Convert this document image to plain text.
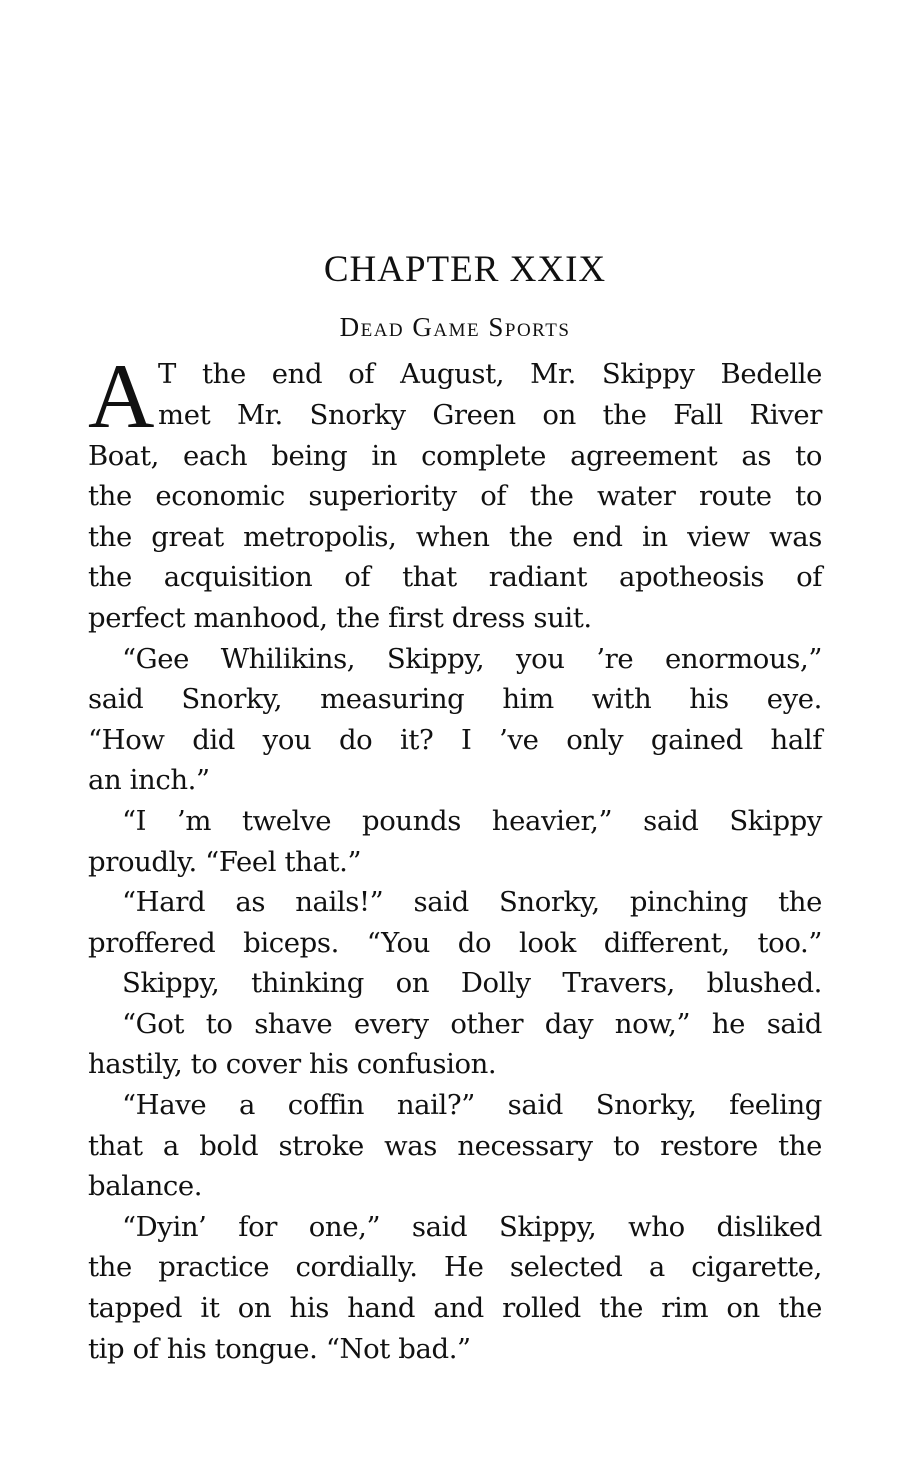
CHAPTER XXIX
Dead Game Sports
A T the end of August, Mr. Skippy Bedelle
met Mr. Snorky Green on the Fall River
Boat, each being in complete agreement as to
the economic superiority of the water route to
the great metropolis, when the end in view was
the acquisition of that radiant apotheosis of
perfect manhood, the first dress suit.
“Gee Whilikins, Skippy, you ’re enormous,”
said Snorky, measuring him with his eye.
“How did you do it? I ’ve only gained half
an inch.”
“I ’m twelve pounds heavier,” said Skippy
proudly. “Feel that.”
“Hard as nails!” said Snorky, pinching the
proffered biceps. “You do look different, too.”
Skippy, thinking on Dolly Travers, blushed.
“Got to shave every other day now,” he said
hastily, to cover his confusion.
“Have a coffin nail?” said Snorky, feeling
that a bold stroke was necessary to restore the
balance.
“Dyin’ for one,” said Skippy, who disliked
the practice cordially. He selected a cigarette,
tapped it on his hand and rolled the rim on the
tip of his tongue. “Not bad.”
